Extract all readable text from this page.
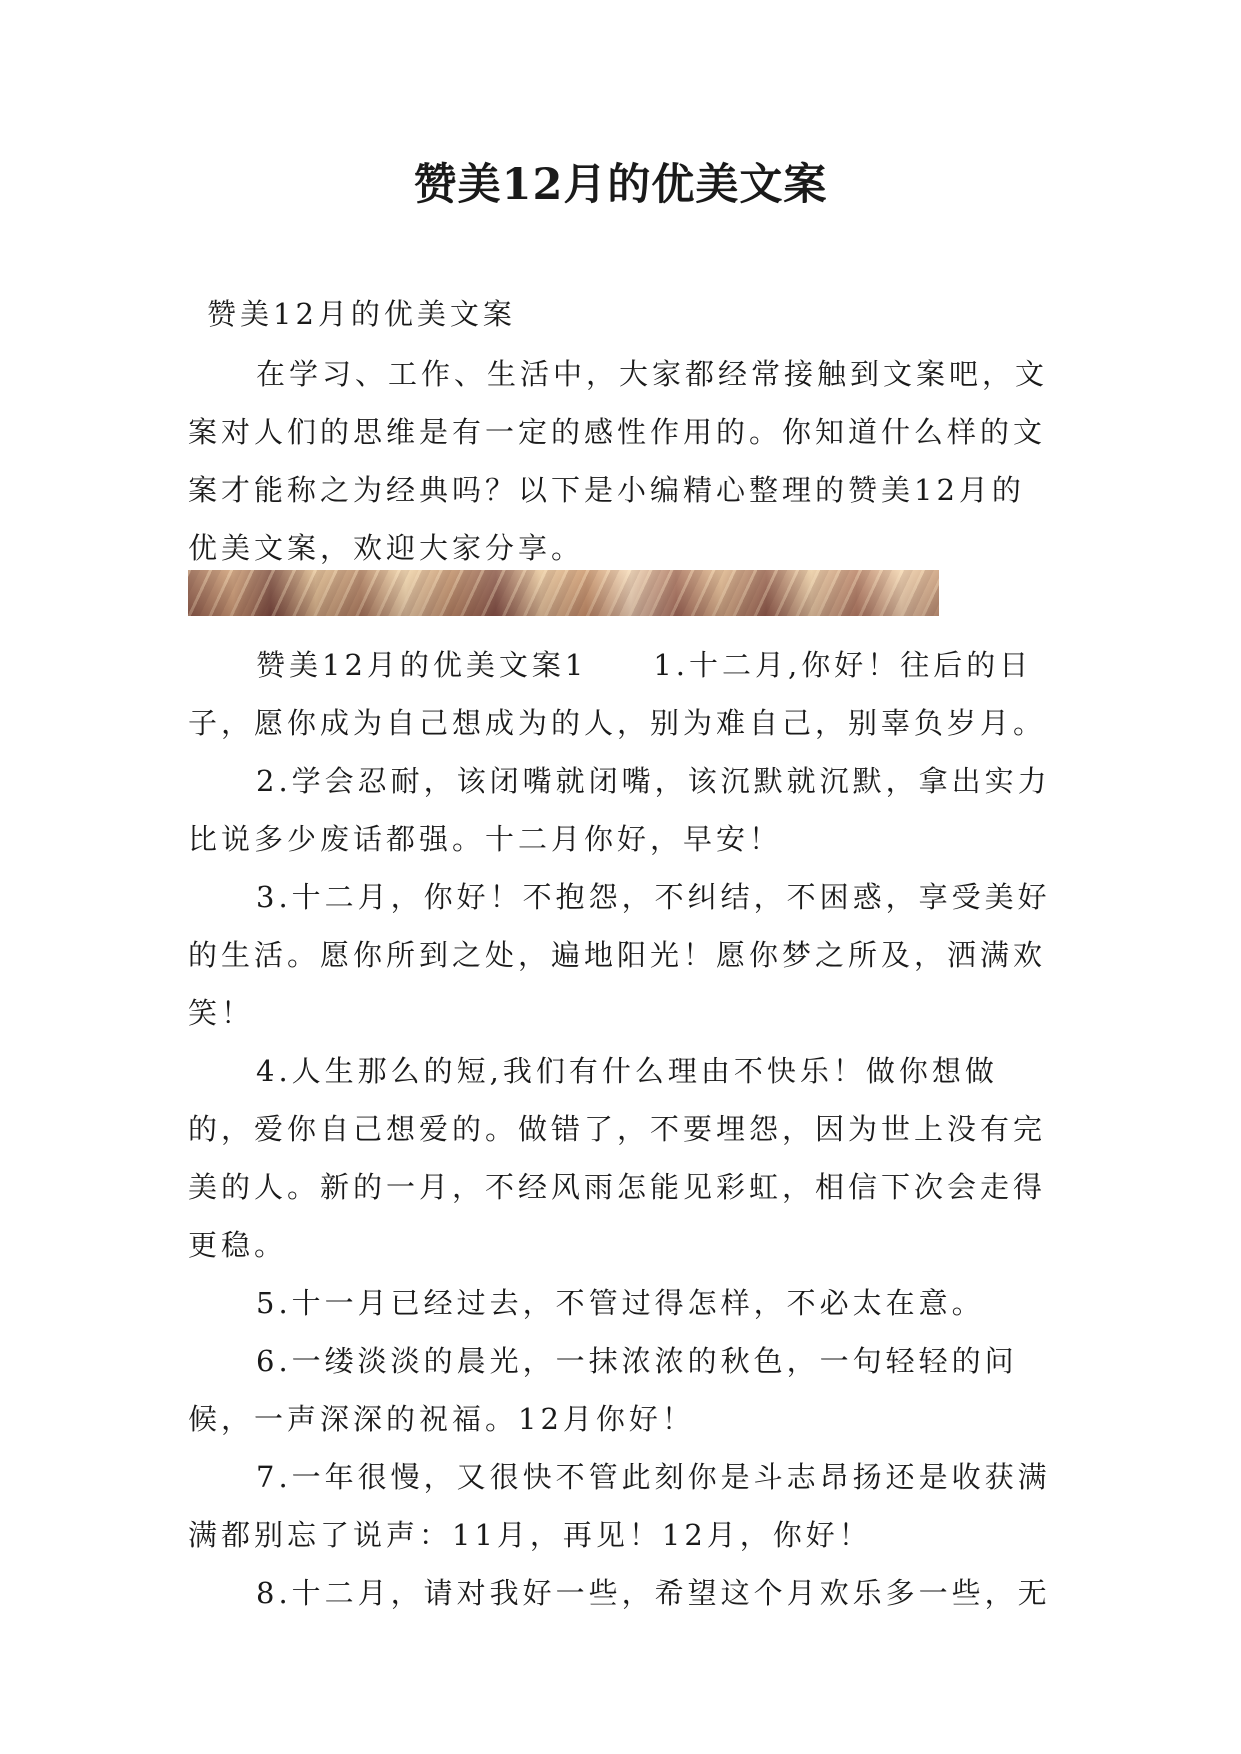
赞美12月的优美文案

赞美12月的优美文案

在学习、工作、生活中，大家都经常接触到文案吧，文案对人们的思维是有一定的感性作用的。你知道什么样的文案才能称之为经典吗？以下是小编精心整理的赞美12月的优美文案，欢迎大家分享。

赞美12月的优美文案1　　1.十二月,你好！往后的日子，愿你成为自己想成为的人，别为难自己，别辜负岁月。

2.学会忍耐，该闭嘴就闭嘴，该沉默就沉默，拿出实力比说多少废话都强。十二月你好，早安！

3.十二月，你好！不抱怨，不纠结，不困惑，享受美好的生活。愿你所到之处，遍地阳光！愿你梦之所及，洒满欢笑！

4.人生那么的短,我们有什么理由不快乐！做你想做的，爱你自己想爱的。做错了，不要埋怨，因为世上没有完美的人。新的一月，不经风雨怎能见彩虹，相信下次会走得更稳。

5.十一月已经过去，不管过得怎样，不必太在意。

6.一缕淡淡的晨光，一抹浓浓的秋色，一句轻轻的问候，一声深深的祝福。12月你好！

7.一年很慢，又很快不管此刻你是斗志昂扬还是收获满满都别忘了说声：11月，再见！12月，你好！

8.十二月，请对我好一些，希望这个月欢乐多一些，无
